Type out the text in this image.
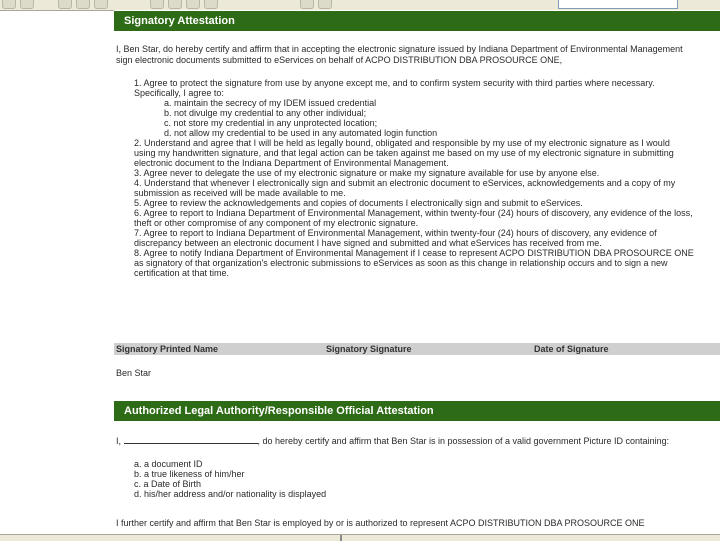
Signatory Attestation

I, Ben Star, do hereby certify and affirm that in accepting the electronic signature issued by Indiana Department of Environmental Management

sign electronic documents submitted to eServices on behalf of ACPO DISTRIBUTION DBA PROSOURCE ONE,

1. Agree to protect the signature from use by anyone except me, and to confirm system security with third parties where necessary.
Specifically, I agree to:
a. maintain the secrecy of my IDEM issued credential
b. not divulge my credential to any other individual;
c. not store my credential in any unprotected location;
d. not allow my credential to be used in any automated login function
2. Understand and agree that I will be held as legally bound, obligated and responsible by my use of my electronic signature as I would
using my handwritten signature, and that legal action can be taken against me based on my use of my electronic signature in submitting
electronic document to the Indiana Department of Environmental Management.
3. Agree never to delegate the use of my electronic signature or make my signature available for use by anyone else.
4. Understand that whenever I electronically sign and submit an electronic document to eServices, acknowledgements and a copy of my
submission as received will be made available to me.
5. Agree to review the acknowledgements and copies of documents I electronically sign and submit to eServices.
6. Agree to report to Indiana Department of Environmental Management, within twenty-four (24) hours of discovery, any evidence of the loss,
theft or other compromise of any component of my electronic signature.
7. Agree to report to Indiana Department of Environmental Management, within twenty-four (24) hours of discovery, any evidence of
discrepancy between an electronic document I have signed and submitted and what eServices has received from me.
8. Agree to notify Indiana Department of Environmental Management if I cease to represent ACPO DISTRIBUTION DBA PROSOURCE ONE
as signatory of that organization's electronic submissions to eServices as soon as this change in relationship occurs and to sign a new
certification at that time.
Signatory Printed Name	Signatory Signature	Date of Signature
Ben Star
Authorized Legal Authority/Responsible Official Attestation
I,	, do hereby certify and affirm that Ben Star is in possession of a valid government Picture ID containing:
a. a document ID
b. a true likeness of him/her
c. a Date of Birth
d. his/her address and/or nationality is displayed
I further certify and affirm that Ben Star is employed by or is authorized to represent ACPO DISTRIBUTION DBA PROSOURCE ONE
